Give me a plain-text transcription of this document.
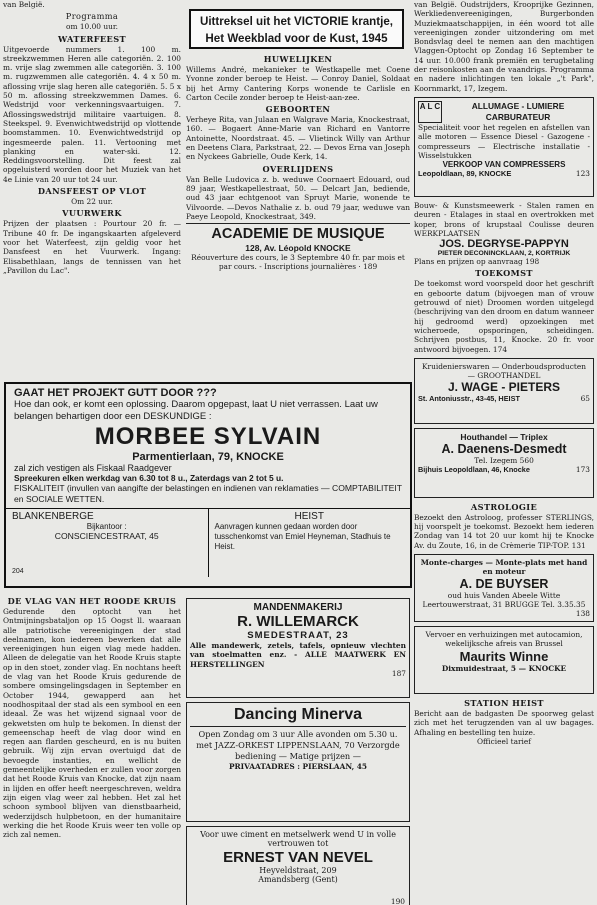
Uittreksel uit het VICTORIE krantje,
Het Weekblad voor de Kust, 1945
van België.
Programma
om 10.00 uur.
WATERFEEST

Uitgevoerde nummers 1. 100 m. streekzwemmen Heren alle categoriën. 2. 100 m. vrije slag zwemmen alle categoriën. 3. 100 m. rugzwemmen alle categoriën. 4. 4 x 50 m. aflossing vrije slag heren alle categoriën. 5. 5 x 50 m. aflossing streekzwemmen Dames. 6. Wedstrijd voor verkenningsvaartuigen. 7. Aflossingswedstrijd militaire vaartuigen. 8. Steekspel. 9. Evenwichtwedstrijd op vlottende boomstammen. 10. Evenwichtwedstrijd op ingesmeerde palen. 11. Vertooning met planking en water-ski. 12. Reddingsvoorstelling. Dit feest zal opgeluisterd worden door het Muziek van het 4e Linie van 20 uur tot 24 uur.

DANSFEEST OP VLOT
Om 22 uur.
VUURWERK

Prijzen der plaatsen : Pourtour 20 fr. — Tribune 40 fr. De ingangskaarten afgeleverd voor het Waterfeest, zijn geldig voor het Dansfeest en het Vuurwerk. Ingang: Elisabethlaan, langs de tennissen van het „Pavillon du Lac".

HUWELIJKEN

Willems André, mekanieker te Westkapelle met Coene Yvonne zonder beroep te Heist. — Conroy Daniel, Soldaat bij het Army Cantering Korps wonende te Carlisle en Carton Cecile zonder beroep te Heist-aan-zee.

GEBOORTEN

Verheye Rita, van Julaan en Walgrave Maria, Knockestraat, 160. — Bogaert Anne-Marie van Richard en Vantorre Antoinette, Noordstraat. 45. — Vlietinck Willy van Arthur en Deetens Clara, Parkstraat, 22. — Devos Erna van Joseph en Nyckees Gabrielle, Oude Kerk, 14.

OVERLIJDENS

Van Belle Ludovica z. b. weduwe Coornaert Edouard, oud 89 jaar, Westkapellestraat, 50. — Delcart Jan, bediende, oud 43 jaar echtgenoot van Spruyt Marie, wonende te Vilvoorde. —Devos Nathalie z. b. oud 79 jaar, weduwe van Paeye Leopold, Knockestraat, 349.

ACADEMIE DE MUSIQUE
128, Av. Léopold KNOCKE
Réouverture des cours, le 3 Septembre 40 fr. par mois et par cours. - Inscriptions journalières · 189

van België. Oudstrijders, Krooprijke Gezinnen, Werkliedenvereenigingen, Burgerbonden Muziekmaatschappijen, in één woord tot alle vereenigingen zonder uitzondering om met Bondsvlag deel te nemen aan den machtigen Vlaggen-Optocht op Zondag 16 September te 14 uur. 10.000 frank premiën en terugbetaling der reisonkosten aan de vaandrigs. Programma en nadere inlichtingen ten lokale „'t Park", Koornmarkt, 17, Izegem.

A L C	ALLUMAGE - LUMIERE CARBURATEUR
Specialiteit voor het regelen en afstellen van alle motoren — Essence Diesel - Gazogene - compresseurs — Electrische installatie - Wisselstukken
VERKOOP VAN COMPRESSERS
Leopoldlaan, 89, KNOCKE	123
Bouw- & Kunstsmeewerk - Stalen ramen en deuren - Etalages in staal en overtrokken met koper, brons of krupstaal Coulisse deuren WERKPLAATSEN
JOS. DEGRYSE-PAPPYN
PIETER DECONINCKLAAN, 2, KORTRIJK
Plans en prijzen op aanvraag 198
TOEKOMST

De toekomst word voorspeld door het geschrift en geboorte datum (bijvoegen man of vrouw getrouwd of niet) Droomen worden uitgelegd (beschrijving van den droom en datum wanneer hij gedroomd werd) opzoekingen met wicheroede, opsporingen, scheidingen. Schrijven postbus, 11, Knocke. 20 fr. voor antwoord bijvoegen. 174

Kruidenierswaren — Onderboudsproducten — GROOTHANDEL
J. WAGE - PIETERS
St. Antoniusstr., 43-45, HEIST	65
Houthandel — Triplex
A. Daenens-Desmedt
Tel. Izegem 560
Bijhuis Leopoldlaan, 46, Knocke	173
ASTROLOGIE

Bezoekt den Astroloog, professer STERLINGS, hij voorspelt je toekomst. Bezoekt hem iederen Zondag van 14 tot 20 uur komt hij te Knocke Av. du Zoute, 16, in de Crèmerie TIP-TOP. 131

Monte-charges — Monte-plats met hand en moteur
A. DE BUYSER
oud huis Vanden Abeele Witte Leertouwerstraat, 31 BRUGGE Tel. 3.35.35
138
Vervoer en verhuizingen met autocamion, wekelijksche afreis van Brussel
Maurits Winne
Dixmuidestraat, 5 — KNOCKE
STATION HEIST

Bericht aan de badgasten De spoorweg gelast zich met het terugzenden van al uw bagages. Afhaling en bestelling ten huize.

Officieel tarief
GAAT HET PROJEKT GUTT DOOR ???
Hoe dan ook, er komt een oplossing. Daarom opgepast, laat U niet verrassen. Laat uw belangen behartigen door een DESKUNDIGE :
MORBEE SYLVAIN
Parmentierlaan, 79, KNOCKE
zal zich vestigen als Fiskaal Raadgever
Spreekuren elken werkdag van 6.30 tot 8 u., Zaterdags van 2 tot 5 u.
FISKALITEIT (invullen van aangifte der belastingen en indienen van reklamaties — COMPTABILITEIT en SOCIALE WETTEN.
BLANKENBERGE
Bijkantoor :
CONSCIENCESTRAAT, 45
204
HEIST
Aanvragen kunnen gedaan worden door tusschenkomst van Emiel Heyneman, Stadhuis te Heist.
DE VLAG VAN HET ROODE KRUIS

Gedurende den optocht van het Ontmijningsbataljon op 15 Oogst ll. waaraan alle patriotische vereenigingen der stad deelnamen, kon iedereen bewerken dat alle vereenigingen hun eigen vlag mede hadden. Alleen de delegatie van het Roode Kruis stapte op in den stoet, zonder vlag. En nochtans heeft de vlag van het Roode Kruis gedurende de sombere omsingelingsdagen in September en October 1944, gewapperd aan het noodhospitaal der stad als een symbool en een ideaal. Ze was het wijzend signaal voor de gekwetsten om hulp te bekomen. In dienst der gemeenschap heeft de vlag door wind en regen aan flarden gescheurd, en is nu buiten gebruik. Wij zijn ervan overtuigd dat de bevoegde instanties, en wellicht de gemeentelijke overheden er zullen voor zorgen dat het Roode Kruis van Knocke, dat zijn naam in lijden en offer heeft neergeschreven, weldra zijn eigen vlag weer zal hebben. Het zal het schoon symbool blijven van dienstbaarheid, wederzijdsch hulpbetoon, en der humanitaire werking die het Roode Kruis weer ten volle op zich zal nemen.

MANDENMAKERIJ
R. WILLEMARCK
SMEDESTRAAT, 23
Alle mandewerk, zetels, tafels, opnieuw vlechten van stoelmatten enz. - ALLE MAATWERK EN HERSTELLINGEN
187
Dancing Minerva
Open Zondag om 3 uur Alle avonden om 5.30 u. met JAZZ-ORKEST LIPPENSLAAN, 70 Verzorgde bediening — Matige prijzen —
PRIVAATADRES : PIERSLAAN, 45
Voor uwe ciment en metselwerk wend U in volle vertrouwen tot
ERNEST VAN NEVEL
Heyveldstraat, 209
Amandsberg (Gent)
190
